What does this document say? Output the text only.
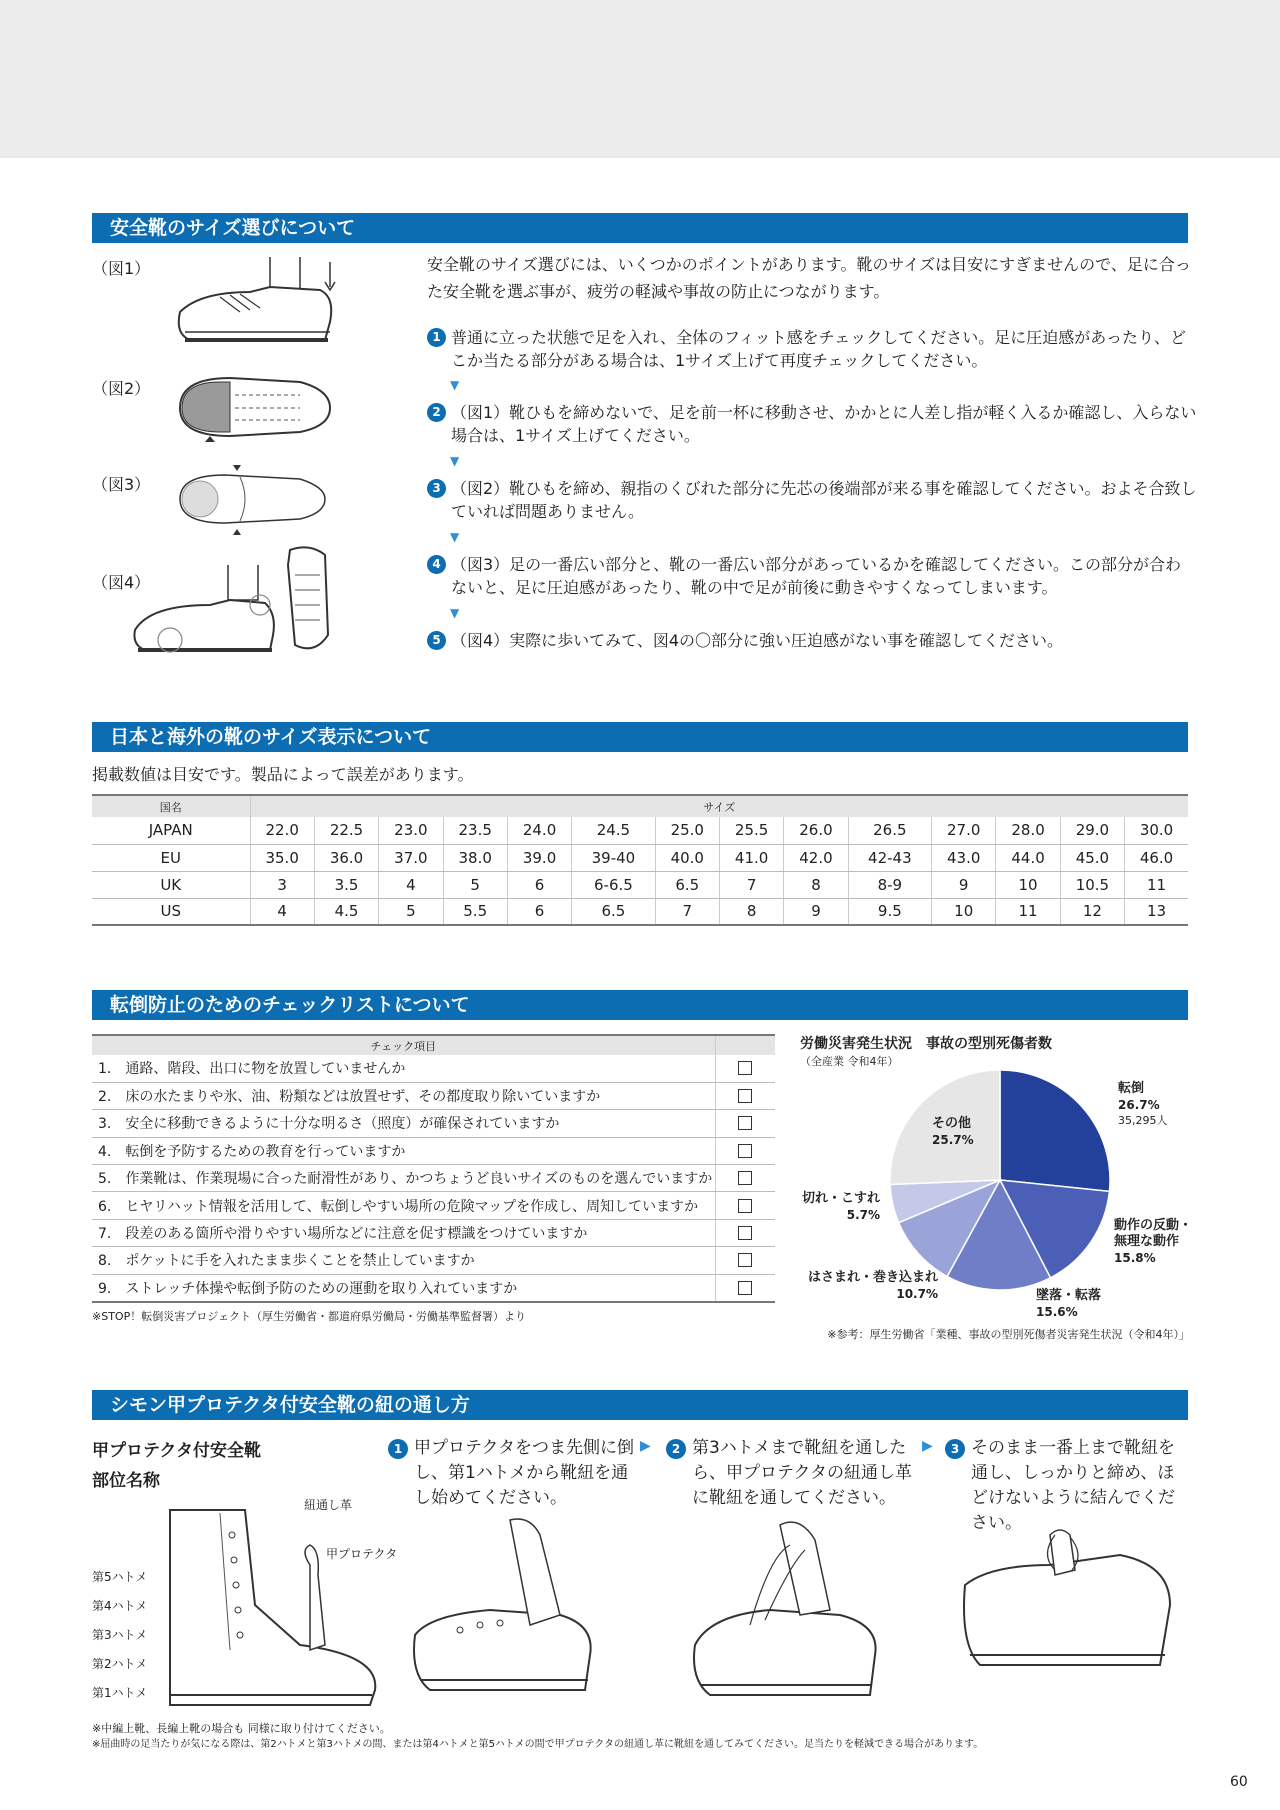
安全靴のサイズ選びについて
（図1）
（図2）
（図3）
（図4）
安全靴のサイズ選びには、いくつかのポイントがあります。靴のサイズは目安にすぎませんので、足に合った安全靴を選ぶ事が、疲労の軽減や事故の防止につながります。
1 普通に立った状態で足を入れ、全体のフィット感をチェックしてください。足に圧迫感があったり、どこか当たる部分がある場合は、1サイズ上げて再度チェックしてください。
▼
2 （図1）靴ひもを締めないで、足を前一杯に移動させ、かかとに人差し指が軽く入るか確認し、入らない場合は、1サイズ上げてください。
▼
3 （図2）靴ひもを締め、親指のくびれた部分に先芯の後端部が来る事を確認してください。およそ合致していれば問題ありません。
▼
4 （図3）足の一番広い部分と、靴の一番広い部分があっているかを確認してください。この部分が合わないと、足に圧迫感があったり、靴の中で足が前後に動きやすくなってしまいます。
▼
5 （図4）実際に歩いてみて、図4の〇部分に強い圧迫感がない事を確認してください。
日本と海外の靴のサイズ表示について
掲載数値は目安です。製品によって誤差があります。
国名	サイズ													
JAPAN	22.0	22.5	23.0	23.5	24.0	24.5	25.0	25.5	26.0	26.5	27.0	28.0	29.0	30.0
EU	35.0	36.0	37.0	38.0	39.0	39-40	40.0	41.0	42.0	42-43	43.0	44.0	45.0	46.0
UK	3	3.5	4	5	6	6-6.5	6.5	7	8	8-9	9	10	10.5	11
US	4	4.5	5	5.5	6	6.5	7	8	9	9.5	10	11	12	13
転倒防止のためのチェックリストについて
チェック項目	
1.　通路、階段、出口に物を放置していませんか	
2.　床の水たまりや氷、油、粉類などは放置せず、その都度取り除いていますか	
3.　安全に移動できるように十分な明るさ（照度）が確保されていますか	
4.　転倒を予防するための教育を行っていますか	
5.　作業靴は、作業現場に合った耐滑性があり、かつちょうど良いサイズのものを選んでいますか	
6.　ヒヤリハット情報を活用して、転倒しやすい場所の危険マップを作成し、周知していますか	
7.　段差のある箇所や滑りやすい場所などに注意を促す標識をつけていますか	
8.　ポケットに手を入れたまま歩くことを禁止していますか	
9.　ストレッチ体操や転倒予防のための運動を取り入れていますか	
※STOP！転倒災害プロジェクト（厚生労働省・都道府県労働局・労働基準監督署）より
労働災害発生状況　事故の型別死傷者数
（全産業 令和4年）
転倒
26.7%
35,295人
動作の反動・無理な動作
15.8%
墜落・転落
15.6%
はさまれ・巻き込まれ
10.7%
切れ・こすれ
5.7%
その他
25.7%
※参考：厚生労働省「業種、事故の型別死傷者災害発生状況（令和4年）」
シモン甲プロテクタ付安全靴の紐の通し方
甲プロテクタ付安全靴
部位名称
紐通し革
甲プロテクタ
第5ハトメ
第4ハトメ
第3ハトメ
第2ハトメ
第1ハトメ
1 甲プロテクタをつま先側に倒し、第1ハトメから靴紐を通し始めてください。
▶	2 第3ハトメまで靴紐を通したら、甲プロテクタの紐通し革に靴紐を通してください。
▶	3 そのまま一番上まで靴紐を通し、しっかりと締め、ほどけないように結んでください。
※中編上靴、長編上靴の場合も 同様に取り付けてください。
※屈曲時の足当たりが気になる際は、第2ハトメと第3ハトメの間、または第4ハトメと第5ハトメの間で甲プロテクタの紐通し革に靴紐を通してみてください。足当たりを軽減できる場合があります。
60
